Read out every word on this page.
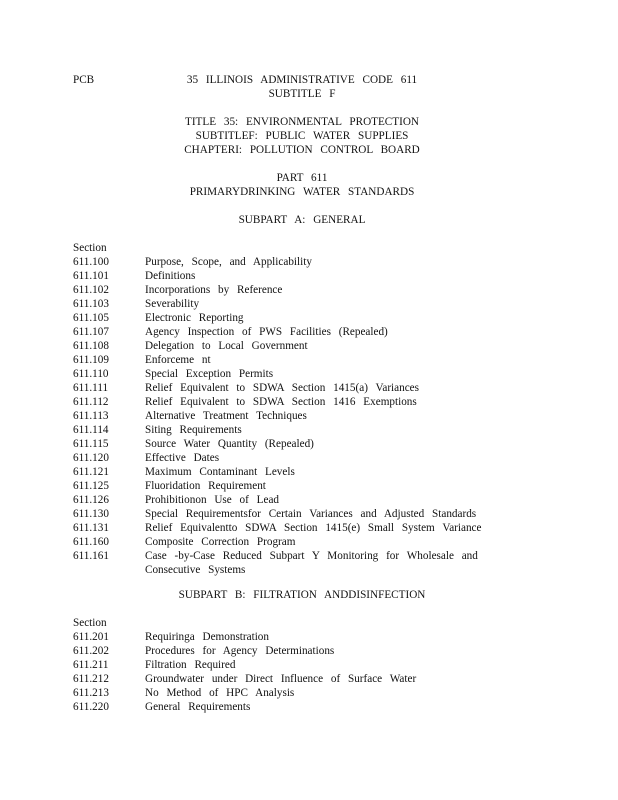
PCB	35 ILLINOIS ADMINISTRATIVE CODE 611
SUBTITLE F
TITLE 35: ENVIRONMENTAL PROTECTION
SUBTITLEF: PUBLIC WATER SUPPLIES
CHAPTERI: POLLUTION CONTROL BOARD
PART 611
PRIMARYDRINKING WATER STANDARDS
SUBPART A: GENERAL
Section
611.100	Purpose, Scope, and Applicability
611.101	Definitions
611.102	Incorporations by Reference
611.103	Severability
611.105	Electronic Reporting
611.107	Agency Inspection of PWS Facilities (Repealed)
611.108	Delegation to Local Government
611.109	Enforceme nt
611.110	Special Exception Permits
611.111	Relief Equivalent to SDWA Section 1415(a) Variances
611.112	Relief Equivalent to SDWA Section 1416 Exemptions
611.113	Alternative Treatment Techniques
611.114	Siting Requirements
611.115	Source Water Quantity (Repealed)
611.120	Effective Dates
611.121	Maximum Contaminant Levels
611.125	Fluoridation Requirement
611.126	Prohibitionon Use of Lead
611.130	Special Requirementsfor Certain Variances and Adjusted Standards
611.131	Relief Equivalentto SDWA Section 1415(e) Small System Variance
611.160	Composite Correction Program
611.161	Case -by-Case Reduced Subpart Y Monitoring for Wholesale and Consecutive Systems
SUBPART B: FILTRATION ANDDISINFECTION
Section
611.201	Requiringa Demonstration
611.202	Procedures for Agency Determinations
611.211	Filtration Required
611.212	Groundwater under Direct Influence of Surface Water
611.213	No Method of HPC Analysis
611.220	General Requirements
